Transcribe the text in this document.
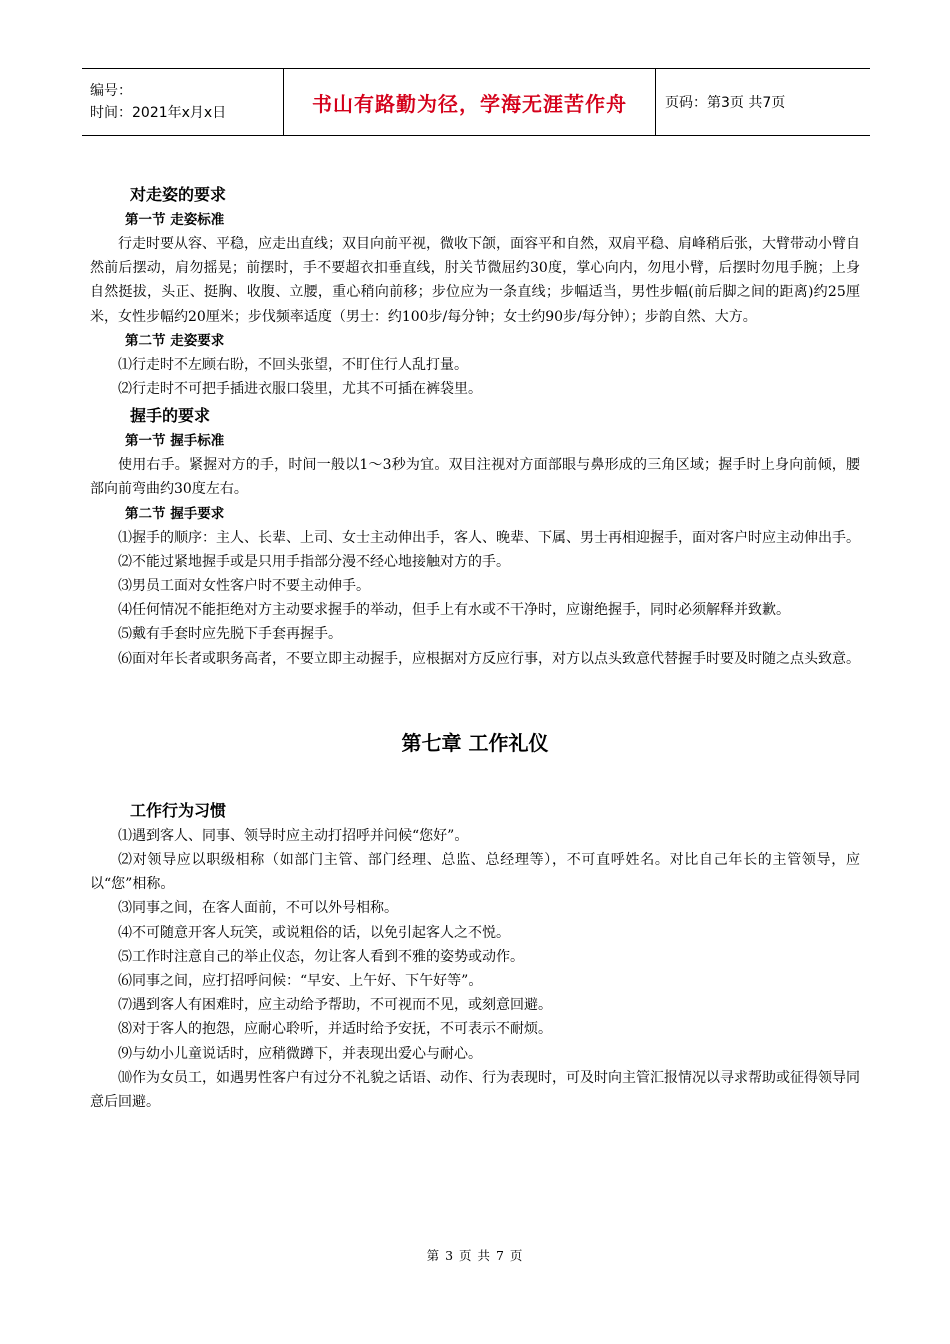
编号：
时间：2021年x月x日	书山有路勤为径，学海无涯苦作舟	页码：第3页 共7页

对走姿的要求

第一节 走姿标准

行走时要从容、平稳，应走出直线；双目向前平视，微收下颌，面容平和自然，双肩平稳、肩峰稍后张，大臂带动小臂自然前后摆动，肩勿摇晃；前摆时，手不要超衣扣垂直线，肘关节微屈约30度，掌心向内，勿甩小臂，后摆时勿甩手腕；上身自然挺拔，头正、挺胸、收腹、立腰，重心稍向前移；步位应为一条直线；步幅适当，男性步幅(前后脚之间的距离)约25厘米，女性步幅约20厘米；步伐频率适度（男士：约100步/每分钟；女士约90步/每分钟）；步韵自然、大方。

第二节 走姿要求

⑴行走时不左顾右盼，不回头张望，不盯住行人乱打量。

⑵行走时不可把手插进衣服口袋里，尤其不可插在裤袋里。

握手的要求

第一节 握手标准

使用右手。紧握对方的手，时间一般以1～3秒为宜。双目注视对方面部眼与鼻形成的三角区域；握手时上身向前倾，腰部向前弯曲约30度左右。

第二节 握手要求

⑴握手的顺序：主人、长辈、上司、女士主动伸出手，客人、晚辈、下属、男士再相迎握手，面对客户时应主动伸出手。

⑵不能过紧地握手或是只用手指部分漫不经心地接触对方的手。

⑶男员工面对女性客户时不要主动伸手。

⑷任何情况不能拒绝对方主动要求握手的举动，但手上有水或不干净时，应谢绝握手，同时必须解释并致歉。

⑸戴有手套时应先脱下手套再握手。

⑹面对年长者或职务高者，不要立即主动握手，应根据对方反应行事，对方以点头致意代替握手时要及时随之点头致意。

第七章 工作礼仪

工作行为习惯

⑴遇到客人、同事、领导时应主动打招呼并问候“您好”。

⑵对领导应以职级相称（如部门主管、部门经理、总监、总经理等），不可直呼姓名。对比自己年长的主管领导，应以“您”相称。

⑶同事之间，在客人面前，不可以外号相称。

⑷不可随意开客人玩笑，或说粗俗的话，以免引起客人之不悦。

⑸工作时注意自己的举止仪态，勿让客人看到不雅的姿势或动作。

⑹同事之间，应打招呼问候：“早安、上午好、下午好等”。

⑺遇到客人有困难时，应主动给予帮助，不可视而不见，或刻意回避。

⑻对于客人的抱怨，应耐心聆听，并适时给予安抚，不可表示不耐烦。

⑼与幼小儿童说话时，应稍微蹲下，并表现出爱心与耐心。

⑽作为女员工，如遇男性客户有过分不礼貌之话语、动作、行为表现时，可及时向主管汇报情况以寻求帮助或征得领导同意后回避。

第 3 页 共 7 页
